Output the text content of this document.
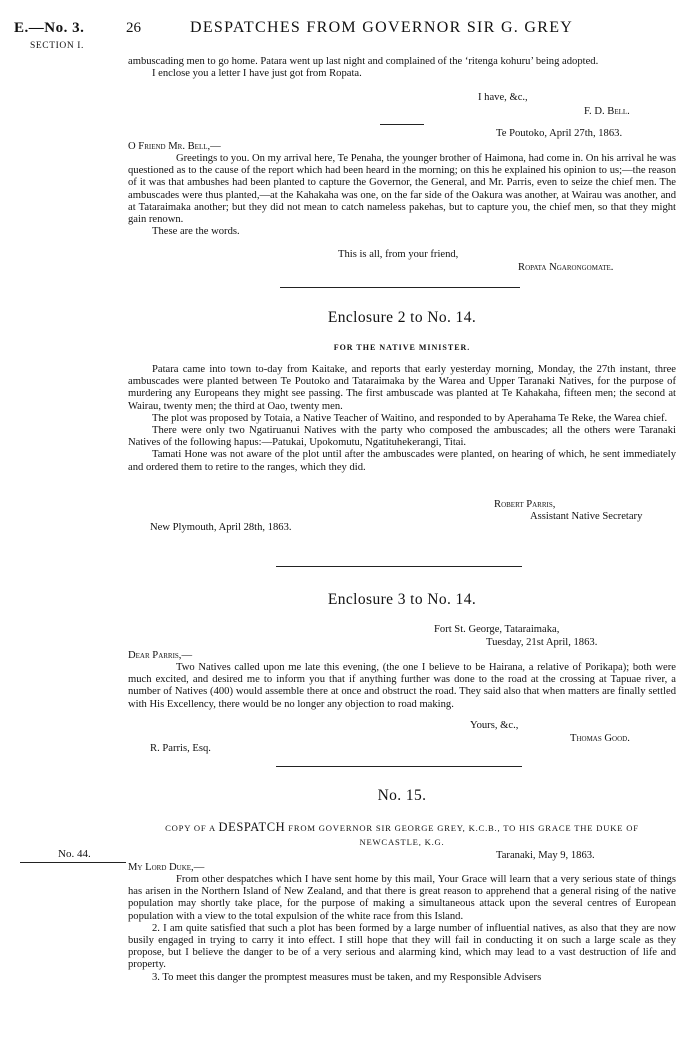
E.—No. 3.
SECTION I.
26	DESPATCHES FROM GOVERNOR SIR G. GREY

ambuscading men to go home. Patara went up last night and complained of the ‘ritenga kohuru’ being adopted.

I enclose you a letter I have just got from Ropata.

I have, &c.,
F. D. Bell.
Te Poutoko, April 27th, 1863.
O Friend Mr. Bell,—

Greetings to you. On my arrival here, Te Penaha, the younger brother of Haimona, had come in. On his arrival he was questioned as to the cause of the report which had been heard in the morning; on this he explained his opinion to us;—the reason of it was that ambushes had been planted to capture the Governor, the General, and Mr. Parris, even to seize the chief men. The ambuscades were thus planted,—at the Kahakaha was one, on the far side of the Oakura was another, at Wairau was another, and at Tataraimaka another; but they did not mean to catch nameless pakehas, but to capture you, the chief men, so that they might gain renown.

These are the words.

This is all, from your friend,
Ropata Ngarongomate.
Enclosure 2 to No. 14.
FOR THE NATIVE MINISTER.

Patara came into town to-day from Kaitake, and reports that early yesterday morning, Monday, the 27th instant, three ambuscades were planted between Te Poutoko and Tataraimaka by the Warea and Upper Taranaki Natives, for the purpose of murdering any Europeans they might see passing. The first ambuscade was planted at Te Kahakaha, fifteen men; the second at Wairau, twenty men; the third at Oao, twenty men.

The plot was proposed by Totaia, a Native Teacher of Waitino, and responded to by Aperahama Te Reke, the Warea chief.

There were only two Ngatiruanui Natives with the party who composed the ambuscades; all the others were Taranaki Natives of the following hapus:—Patukai, Upokomutu, Ngatituhekerangi, Titai.

Tamati Hone was not aware of the plot until after the ambuscades were planted, on hearing of which, he sent immediately and ordered them to retire to the ranges, which they did.

Robert Parris,
Assistant Native Secretary
New Plymouth, April 28th, 1863.
Enclosure 3 to No. 14.
Fort St. George, Tataraimaka,
Tuesday, 21st April, 1863.
Dear Parris,—

Two Natives called upon me late this evening, (the one I believe to be Hairana, a relative of Porikapa); both were much excited, and desired me to inform you that if anything further was done to the road at the crossing at Tapuae river, a number of Natives (400) would assemble there at once and obstruct the road. They said also that when matters are finally settled with His Excellency, there would be no longer any objection to road making.

Yours, &c.,
Thomas Good.
R. Parris, Esq.
No. 15.
COPY OF A DESPATCH FROM GOVERNOR SIR GEORGE GREY, K.C.B., TO HIS GRACE THE DUKE OF
NEWCASTLE, K.G.
No. 44.	Taranaki, May 9, 1863.
My Lord Duke,—

From other despatches which I have sent home by this mail, Your Grace will learn that a very serious state of things has arisen in the Northern Island of New Zealand, and that there is great reason to apprehend that a general rising of the native population may shortly take place, for the purpose of making a simultaneous attack upon the several centres of European population with a view to the total expulsion of the white race from this Island.

2. I am quite satisfied that such a plot has been formed by a large number of influential natives, as also that they are now busily engaged in trying to carry it into effect. I still hope that they will fail in conducting it on such a large scale as they propose, but I believe the danger to be of a very serious and alarming kind, which may lead to a vast destruction of life and property.

3. To meet this danger the promptest measures must be taken, and my Responsible Advisers
